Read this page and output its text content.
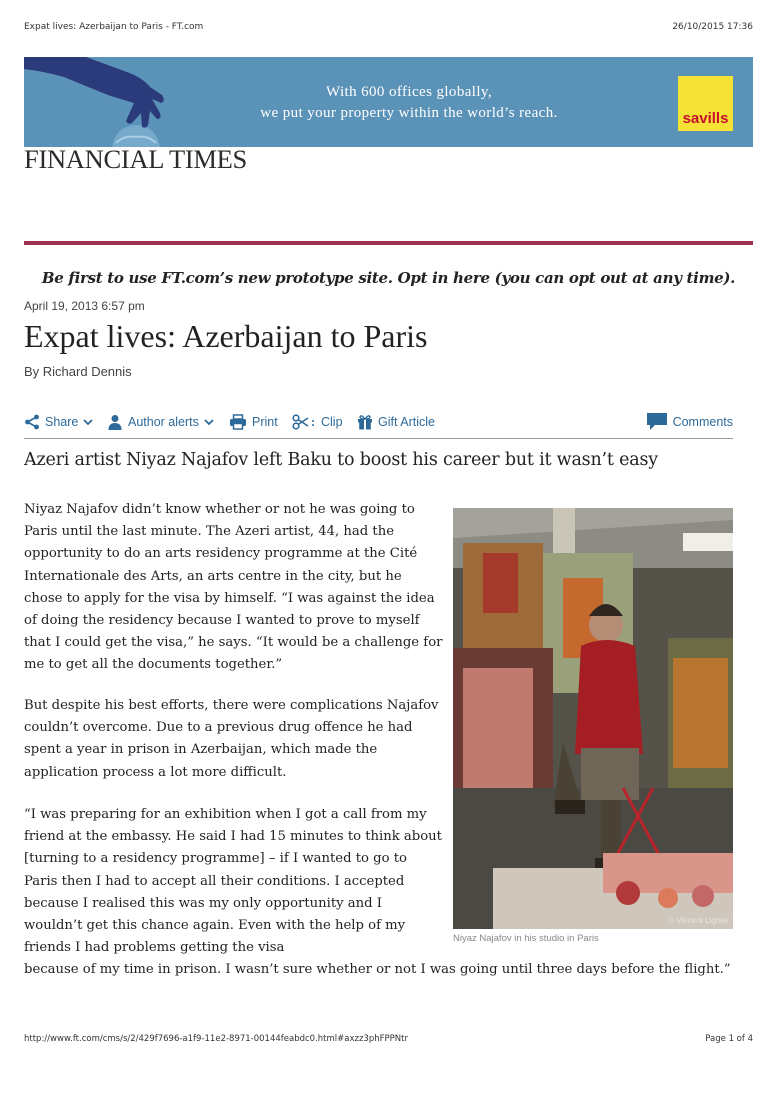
Expat lives: Azerbaijan to Paris - FT.com	26/10/2015 17:36
With 600 offices globally,
we put your property within the world’s reach.	savills
FINANCIAL TIMES
Be first to use FT.com’s new prototype site. Opt in here (you can opt out at any time).
April 19, 2013 6:57 pm
Expat lives: Azerbaijan to Paris
By Richard Dennis
Share	Author alerts	Print	Clip	Gift Article	Comments
Azeri artist Niyaz Najafov left Baku to boost his career but it wasn’t easy

Niyaz Najafov didn’t know whether or not he was going to Paris until the last minute. The Azeri artist, 44, had the opportunity to do an arts residency programme at the Cité Internationale des Arts, an arts centre in the city, but he chose to apply for the visa by himself. “I was against the idea of doing the residency because I wanted to prove to myself that I could get the visa,” he says. “It would be a challenge for me to get all the documents together.”

But despite his best efforts, there were complications Najafov couldn’t overcome. Due to a previous drug offence he had spent a year in prison in Azerbaijan, which made the application process a lot more difficult.

“I was preparing for an exhibition when I got a call from my friend at the embassy. He said I had 15 minutes to think about [turning to a residency programme] – if I wanted to go to Paris then I had to accept all their conditions. I accepted because I realised this was my only opportunity and I wouldn’t get this chance again. Even with the help of my friends I had problems getting the visa

because of my time in prison. I wasn’t sure whether or not I was going until three days before the flight.”

© Vincent Lignier
Niyaz Najafov in his studio in Paris
http://www.ft.com/cms/s/2/429f7696-a1f9-11e2-8971-00144feabdc0.html#axzz3phFPPNtr	Page 1 of 4
